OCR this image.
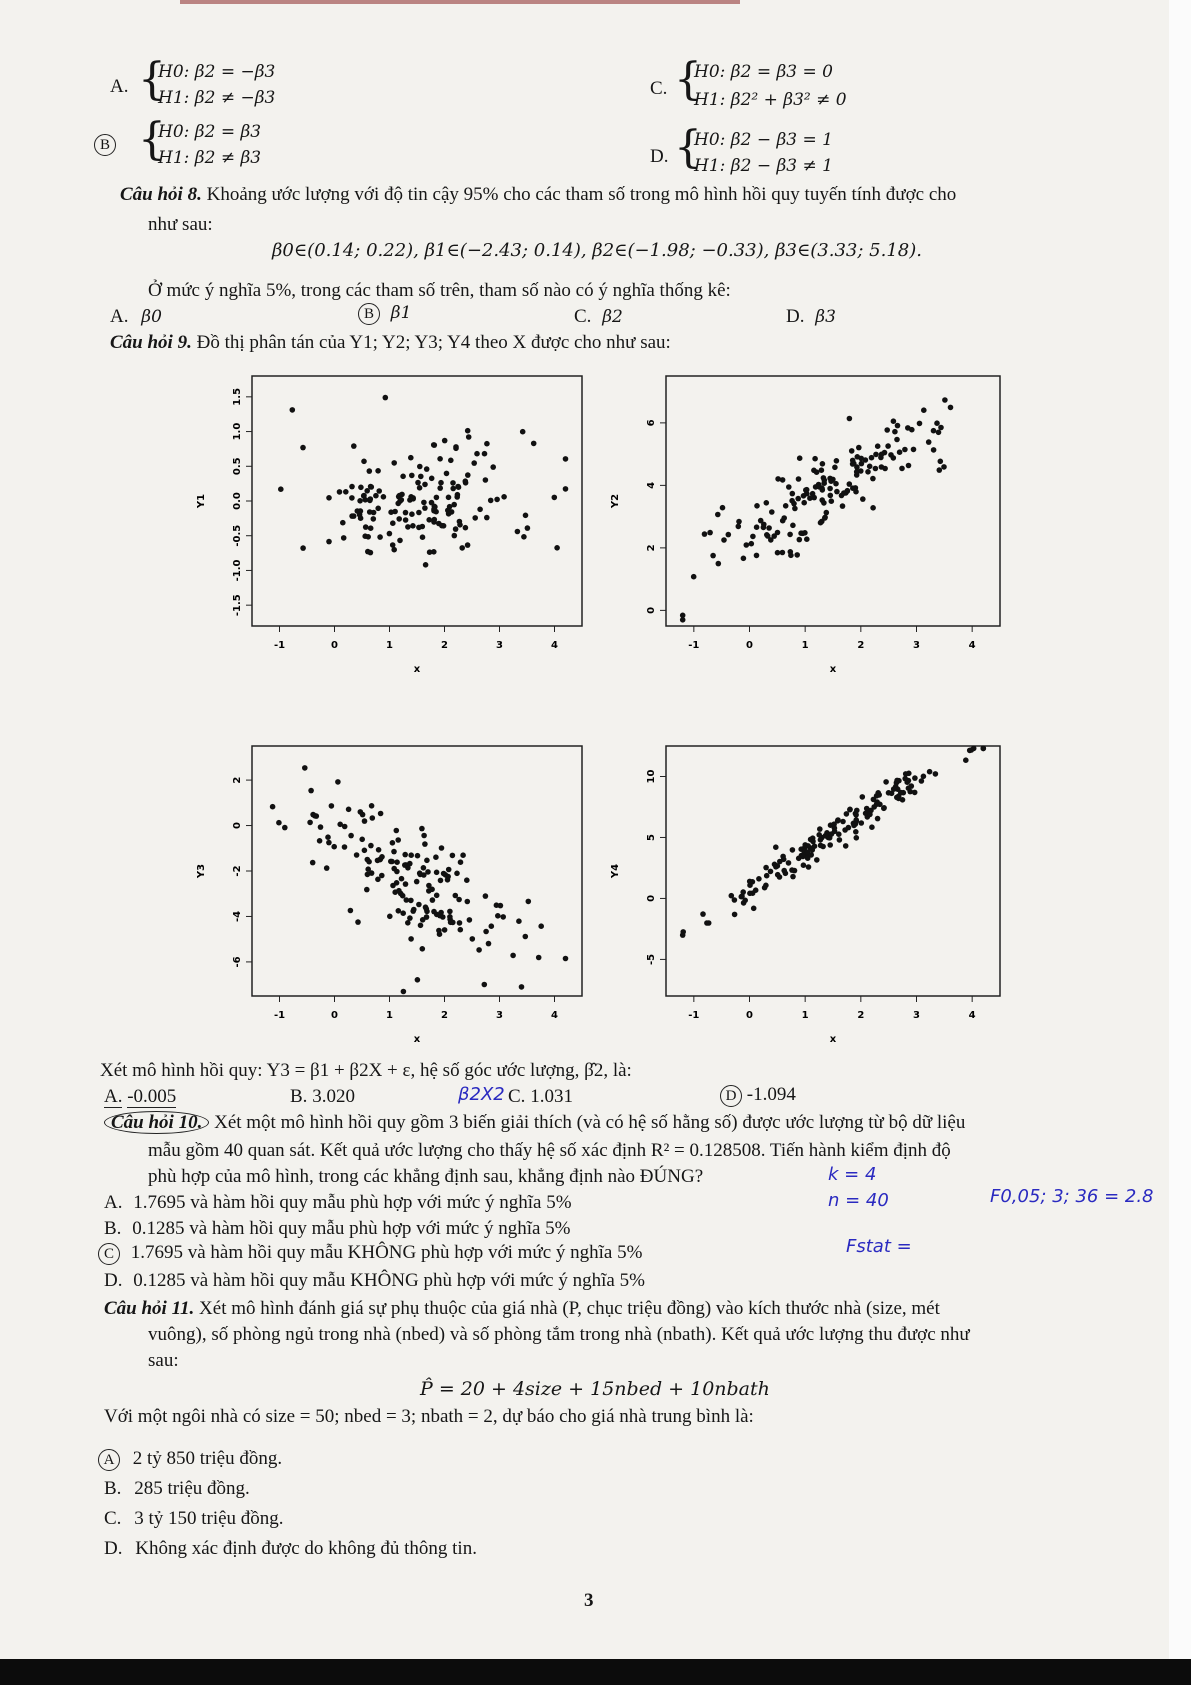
A. {
H0: β2 = −β3
H1: β2 ≠ −β3
B {
H0: β2 = β3
H1: β2 ≠ β3
C. {
H0: β2 = β3 = 0
H1: β2² + β3² ≠ 0
D. {
H0: β2 − β3 = 1
H1: β2 − β3 ≠ 1
Câu hỏi 8. Khoảng ước lượng với độ tin cậy 95% cho các tham số trong mô hình hồi quy tuyến tính được cho
như sau:
β0∈(0.14; 0.22), β1∈(−2.43; 0.14), β2∈(−1.98; −0.33), β3∈(3.33; 5.18).
Ở mức ý nghĩa 5%, trong các tham số trên, tham số nào có ý nghĩa thống kê:
A. β0	B β1	C. β2	D. β3
Câu hỏi 9. Đồ thị phân tán của Y1; Y2; Y3; Y4 theo X được cho như sau:
-1	0	1	2	3	4
-1.5
-1.0
-0.5
0.0
0.5
1.0
1.5
x
Y1
-1	0	1	2	3	4
0
2
4
6
x
Y2
-1	0	1	2	3	4
-6
-4
-2
0
2
x
Y3
-1	0	1	2	3	4
-5
0
5
10
x
Y4
Xét mô hình hồi quy: Y3 = β1 + β2X + ε, hệ số góc ước lượng, β̂2, là:
A. -0.005	B. 3.020	β2X2 C. 1.031	D -1.094
Câu hỏi 10. Xét một mô hình hồi quy gồm 3 biến giải thích (và có hệ số hằng số) được ước lượng từ bộ dữ liệu
mẫu gồm 40 quan sát. Kết quả ước lượng cho thấy hệ số xác định R² = 0.128508. Tiến hành kiểm định độ
phù hợp của mô hình, trong các khẳng định sau, khẳng định nào ĐÚNG?	k = 4
n = 40	F0,05; 3; 36 = 2.8
Fstat =
A. 1.7695 và hàm hồi quy mẫu phù hợp với mức ý nghĩa 5%
B. 0.1285 và hàm hồi quy mẫu phù hợp với mức ý nghĩa 5%
C 1.7695 và hàm hồi quy mẫu KHÔNG phù hợp với mức ý nghĩa 5%
D. 0.1285 và hàm hồi quy mẫu KHÔNG phù hợp với mức ý nghĩa 5%
Câu hỏi 11. Xét mô hình đánh giá sự phụ thuộc của giá nhà (P, chục triệu đồng) vào kích thước nhà (size, mét
vuông), số phòng ngủ trong nhà (nbed) và số phòng tắm trong nhà (nbath). Kết quả ước lượng thu được như
sau:
P̂ = 20 + 4size + 15nbed + 10nbath
Với một ngôi nhà có size = 50; nbed = 3; nbath = 2, dự báo cho giá nhà trung bình là:
A 2 tỷ 850 triệu đồng.
B. 285 triệu đồng.
C. 3 tỷ 150 triệu đồng.
D. Không xác định được do không đủ thông tin.
3
